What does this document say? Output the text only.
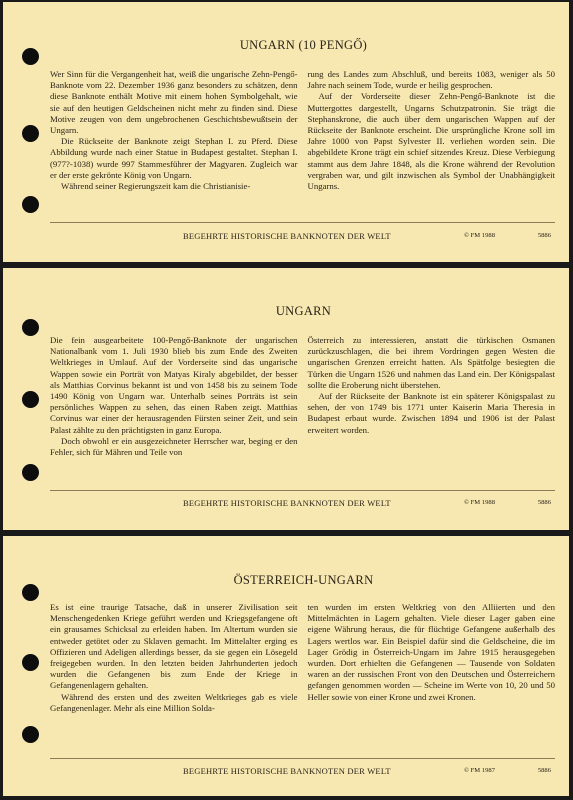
UNGARN (10 PENGŐ)

Wer Sinn für die Vergangenheit hat, weiß die ungarische Zehn-Pengő-Banknote vom 22. Dezember 1936 ganz besonders zu schätzen, denn diese Banknote enthält Motive mit einem hohen Symbolgehalt, wie sie auf den heutigen Geldscheinen nicht mehr zu finden sind. Diese Motive zeugen von dem ungebrochenen Geschichtsbewußtsein der Ungarn.

Die Rückseite der Banknote zeigt Stephan I. zu Pferd. Diese Abbildung wurde nach einer Statue in Budapest gestaltet. Stephan I. (977?-1038) wurde 997 Stammesführer der Magyaren. Zugleich war er der erste gekrönte König von Ungarn.

Während seiner Regierungszeit kam die Christianisie-

rung des Landes zum Abschluß, und bereits 1083, weniger als 50 Jahre nach seinem Tode, wurde er heilig gesprochen.

Auf der Vorderseite dieser Zehn-Pengő-Banknote ist die Muttergottes dargestellt, Ungarns Schutzpatronin. Sie trägt die Stephanskrone, die auch über dem ungarischen Wappen auf der Rückseite der Banknote erscheint. Die ursprüngliche Krone soll im Jahre 1000 von Papst Sylvester II. verliehen worden sein. Die abgebildete Krone trägt ein schief sitzendes Kreuz. Diese Verbiegung stammt aus dem Jahre 1848, als die Krone während der Revolution vergraben war, und gilt inzwischen als Symbol der Unabhängigkeit Ungarns.

BEGEHRTE HISTORISCHE BANKNOTEN DER WELT	© FM 1988	5886
UNGARN

Die fein ausgearbeitete 100-Pengő-Banknote der ungarischen Nationalbank vom 1. Juli 1930 blieb bis zum Ende des Zweiten Weltkrieges in Umlauf. Auf der Vorderseite sind das ungarische Wappen sowie ein Porträt von Matyas Kiraly abgebildet, der besser als Matthias Corvinus bekannt ist und von 1458 bis zu seinem Tode 1490 König von Ungarn war. Unterhalb seines Porträts ist sein persönliches Wappen zu sehen, das einen Raben zeigt. Matthias Corvinus war einer der herausragenden Fürsten seiner Zeit, und sein Palast zählte zu den prächtigsten in ganz Europa.

Doch obwohl er ein ausgezeichneter Herrscher war, beging er den Fehler, sich für Mähren und Teile von

Österreich zu interessieren, anstatt die türkischen Osmanen zurückzuschlagen, die bei ihrem Vordringen gegen Westen die ungarischen Grenzen erreicht hatten. Als Spätfolge besiegten die Türken die Ungarn 1526 und nahmen das Land ein. Der Königspalast sollte die Eroberung nicht überstehen.

Auf der Rückseite der Banknote ist ein späterer Königspalast zu sehen, der von 1749 bis 1771 unter Kaiserin Maria Theresia in Budapest erbaut wurde. Zwischen 1894 und 1906 ist der Palast erweitert worden.

BEGEHRTE HISTORISCHE BANKNOTEN DER WELT	© FM 1988	5886
ÖSTERREICH-UNGARN

Es ist eine traurige Tatsache, daß in unserer Zivilisation seit Menschengedenken Kriege geführt werden und Kriegsgefangene oft ein grausames Schicksal zu erleiden haben. Im Altertum wurden sie entweder getötet oder zu Sklaven gemacht. Im Mittelalter erging es Offizieren und Adeligen allerdings besser, da sie gegen ein Lösegeld freigegeben wurden. In den letzten beiden Jahrhunderten jedoch wurden die Gefangenen bis zum Ende der Kriege in Gefangenenlagern gehalten.

Während des ersten und des zweiten Weltkrieges gab es viele Gefangenenlager. Mehr als eine Million Solda-

ten wurden im ersten Weltkrieg von den Alliierten und den Mittelmächten in Lagern gehalten. Viele dieser Lager gaben eine eigene Währung heraus, die für flüchtige Gefangene außerhalb des Lagers wertlos war. Ein Beispiel dafür sind die Geldscheine, die im Lager Grödig in Österreich-Ungarn im Jahre 1915 herausgegeben wurden. Dort erhielten die Gefangenen — Tausende von Soldaten waren an der russischen Front von den Deutschen und Österreichern gefangen genommen worden — Scheine im Werte von 10, 20 und 50 Heller sowie von einer Krone und zwei Kronen.

BEGEHRTE HISTORISCHE BANKNOTEN DER WELT	© FM 1987	5886
